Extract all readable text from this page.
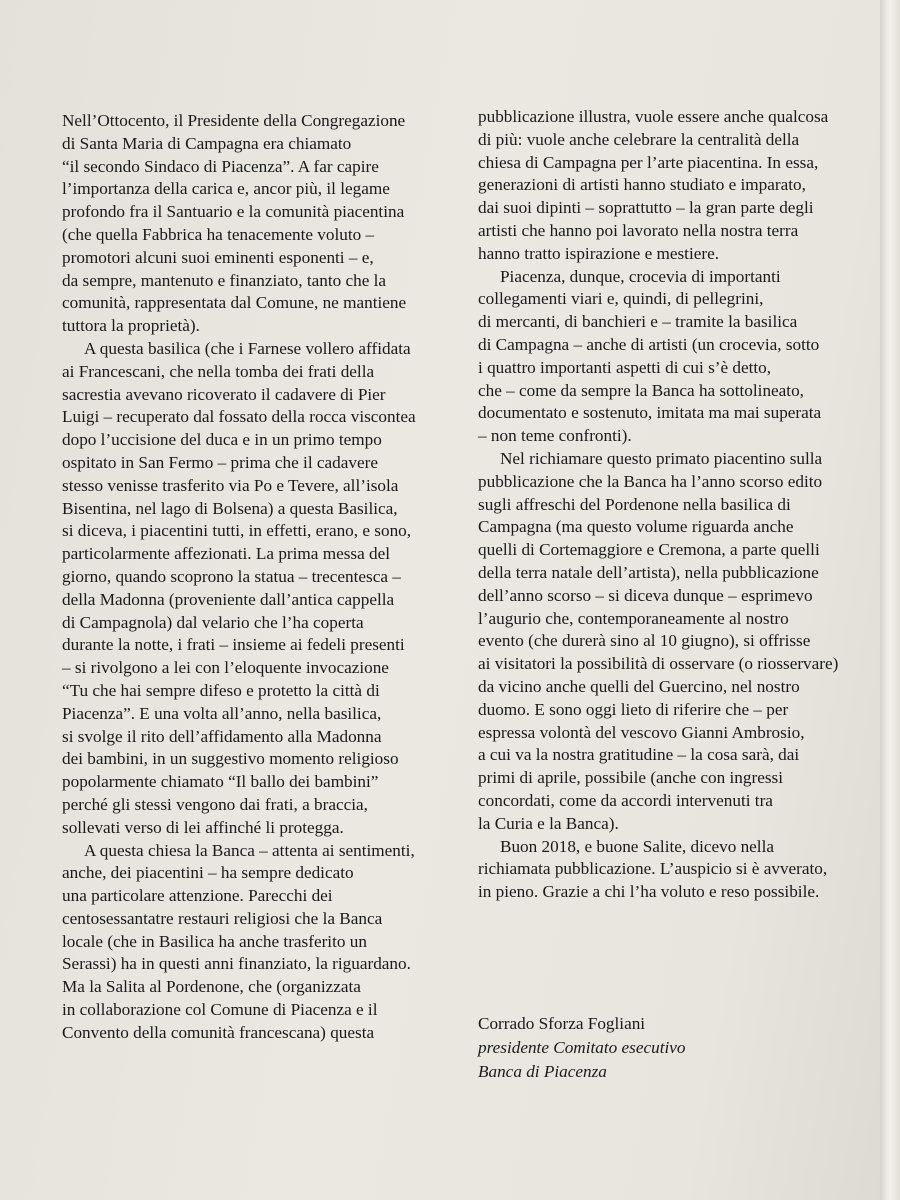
Nell’Ottocento, il Presidente della Congregazione
di Santa Maria di Campagna era chiamato
“il secondo Sindaco di Piacenza”. A far capire
l’importanza della carica e, ancor più, il legame
profondo fra il Santuario e la comunità piacentina
(che quella Fabbrica ha tenacemente voluto –
promotori alcuni suoi eminenti esponenti – e,
da sempre, mantenuto e finanziato, tanto che la
comunità, rappresentata dal Comune, ne mantiene
tuttora la proprietà).

A questa basilica (che i Farnese vollero affidata
ai Francescani, che nella tomba dei frati della
sacrestia avevano ricoverato il cadavere di Pier
Luigi – recuperato dal fossato della rocca viscontea
dopo l’uccisione del duca e in un primo tempo
ospitato in San Fermo – prima che il cadavere
stesso venisse trasferito via Po e Tevere, all’isola
Bisentina, nel lago di Bolsena) a questa Basilica,
si diceva, i piacentini tutti, in effetti, erano, e sono,
particolarmente affezionati. La prima messa del
giorno, quando scoprono la statua – trecentesca –
della Madonna (proveniente dall’antica cappella
di Campagnola) dal velario che l’ha coperta
durante la notte, i frati – insieme ai fedeli presenti
– si rivolgono a lei con l’eloquente invocazione
“Tu che hai sempre difeso e protetto la città di
Piacenza”. E una volta all’anno, nella basilica,
si svolge il rito dell’affidamento alla Madonna
dei bambini, in un suggestivo momento religioso
popolarmente chiamato “Il ballo dei bambini”
perché gli stessi vengono dai frati, a braccia,
sollevati verso di lei affinché li protegga.

A questa chiesa la Banca – attenta ai sentimenti,
anche, dei piacentini – ha sempre dedicato
una particolare attenzione. Parecchi dei
centosessantatre restauri religiosi che la Banca
locale (che in Basilica ha anche trasferito un
Serassi) ha in questi anni finanziato, la riguardano.
Ma la Salita al Pordenone, che (organizzata
in collaborazione col Comune di Piacenza e il
Convento della comunità francescana) questa

pubblicazione illustra, vuole essere anche qualcosa
di più: vuole anche celebrare la centralità della
chiesa di Campagna per l’arte piacentina. In essa,
generazioni di artisti hanno studiato e imparato,
dai suoi dipinti – soprattutto – la gran parte degli
artisti che hanno poi lavorato nella nostra terra
hanno tratto ispirazione e mestiere.

Piacenza, dunque, crocevia di importanti
collegamenti viari e, quindi, di pellegrini,
di mercanti, di banchieri e – tramite la basilica
di Campagna – anche di artisti (un crocevia, sotto
i quattro importanti aspetti di cui s’è detto,
che – come da sempre la Banca ha sottolineato,
documentato e sostenuto, imitata ma mai superata
– non teme confronti).

Nel richiamare questo primato piacentino sulla
pubblicazione che la Banca ha l’anno scorso edito
sugli affreschi del Pordenone nella basilica di
Campagna (ma questo volume riguarda anche
quelli di Cortemaggiore e Cremona, a parte quelli
della terra natale dell’artista), nella pubblicazione
dell’anno scorso – si diceva dunque – esprimevo
l’augurio che, contemporaneamente al nostro
evento (che durerà sino al 10 giugno), si offrisse
ai visitatori la possibilità di osservare (o riosservare)
da vicino anche quelli del Guercino, nel nostro
duomo. E sono oggi lieto di riferire che – per
espressa volontà del vescovo Gianni Ambrosio,
a cui va la nostra gratitudine – la cosa sarà, dai
primi di aprile, possibile (anche con ingressi
concordati, come da accordi intervenuti tra
la Curia e la Banca).

Buon 2018, e buone Salite, dicevo nella
richiamata pubblicazione. L’auspicio si è avverato,
in pieno. Grazie a chi l’ha voluto e reso possibile.

Corrado Sforza Fogliani
presidente Comitato esecutivo
Banca di Piacenza
